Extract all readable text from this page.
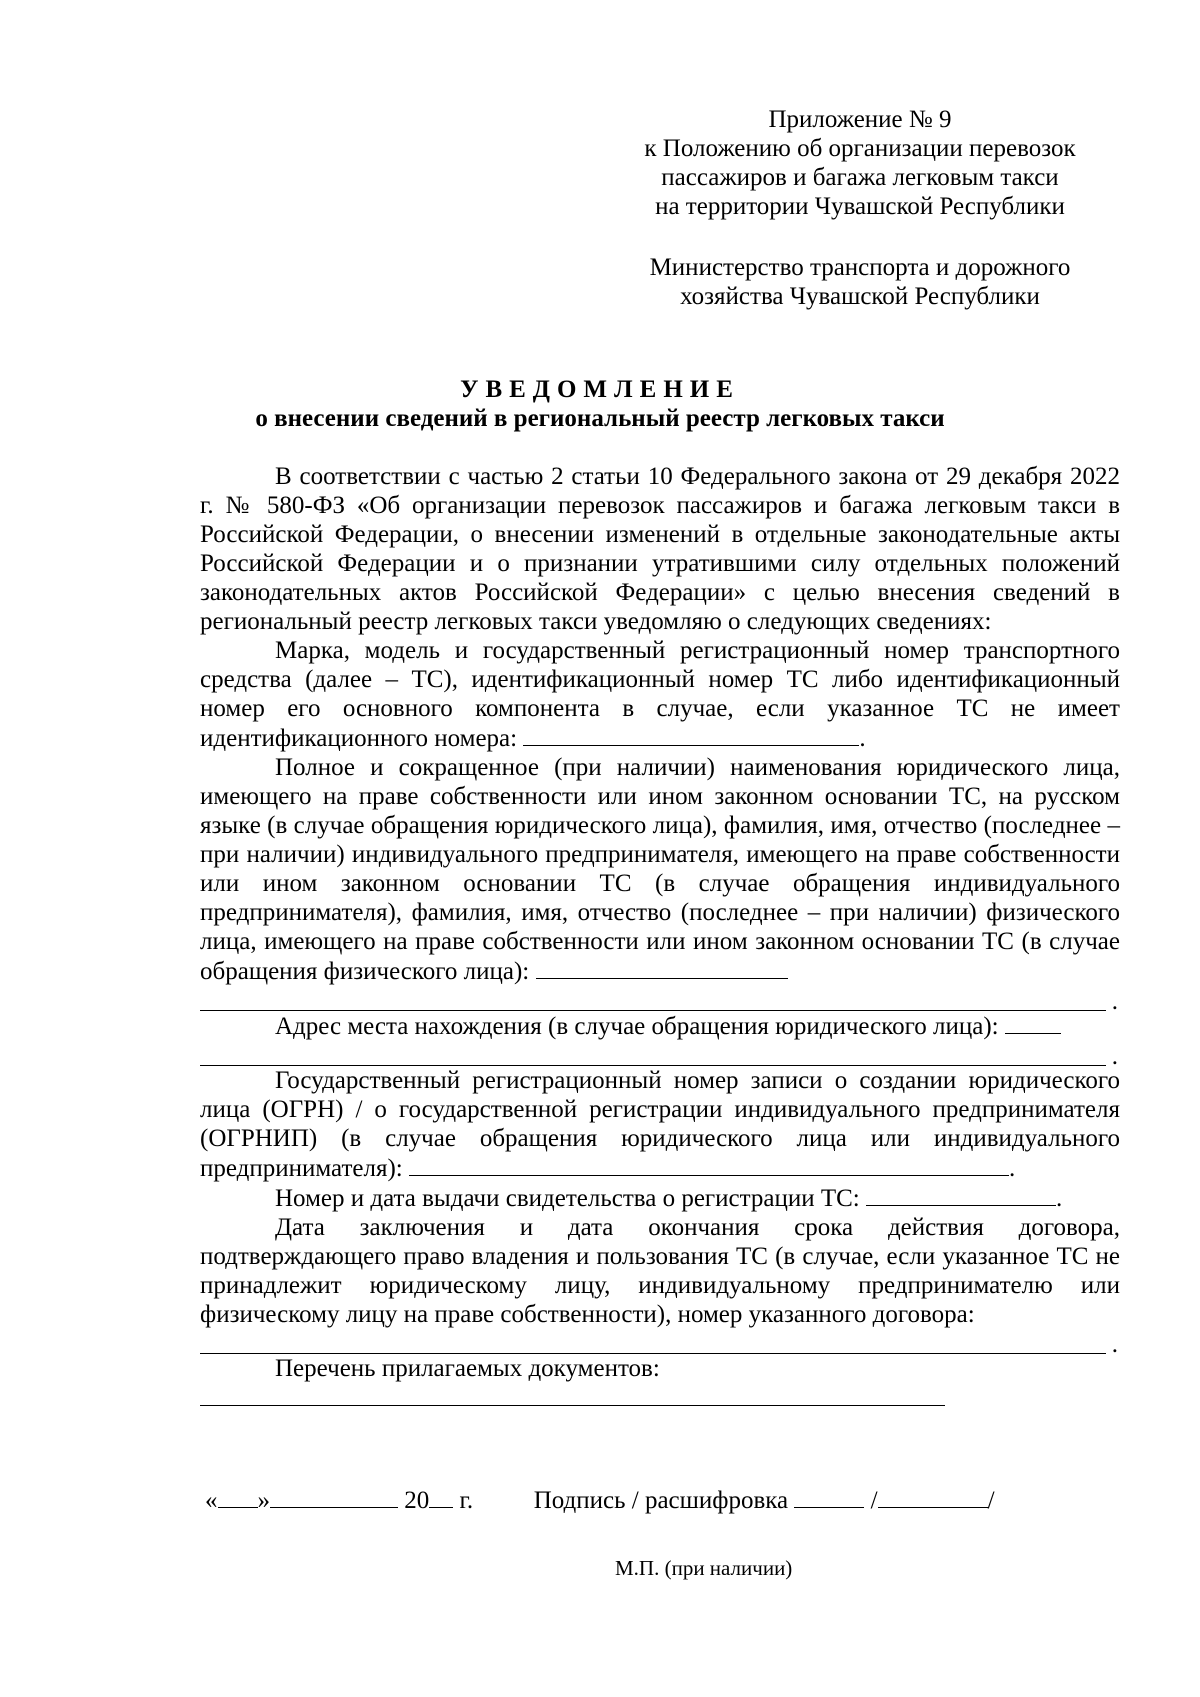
Приложение № 9
к Положению об организации перевозок
пассажиров и багажа легковым такси
на территории Чувашской Республики
Министерство транспорта и дорожного
хозяйства Чувашской Республики
УВЕДОМЛЕНИЕ
о внесении сведений в региональный реестр легковых такси

В соответствии с частью 2 статьи 10 Федерального закона от 29 декабря 2022 г. № 580-ФЗ «Об организации перевозок пассажиров и багажа легковым такси в Российской Федерации, о внесении изменений в отдельные законодательные акты Российской Федерации и о признании утратившими силу отдельных положений законодательных актов Российской Федерации» с целью внесения сведений в региональный реестр легковых такси уведомляю о следующих сведениях:

Марка, модель и государственный регистрационный номер транспортного средства (далее – ТС), идентификационный номер ТС либо идентификационный номер его основного компонента в случае, если указанное ТС не имеет идентификационного номера:	.

Полное и сокращенное (при наличии) наименования юридического лица, имеющего на праве собственности или ином законном основании ТС, на русском языке (в случае обращения юридического лица), фамилия, имя, отчество (последнее – при наличии) индивидуального предпринимателя, имеющего на праве собственности или ином законном основании ТС (в случае обращения индивидуального предпринимателя), фамилия, имя, отчество (последнее – при наличии) физического лица, имеющего на праве собственности или ином законном основании ТС (в случае обращения физического лица):

.

Адрес места нахождения (в случае обращения юридического лица):

.

Государственный регистрационный номер записи о создании юридического лица (ОГРН) / о государственной регистрации индивидуального предпринимателя (ОГРНИП) (в случае обращения юридического лица или индивидуального предпринимателя):	.

Номер и дата выдачи свидетельства о регистрации ТС:	.

Дата заключения и дата окончания срока действия договора, подтверждающего право владения и пользования ТС (в случае, если указанное ТС не принадлежит юридическому лицу, индивидуальному предпринимателю или физическому лицу на праве собственности), номер указанного договора:

.

Перечень прилагаемых документов:

« »	20 г. Подпись / расшифровка	/	/
М.П. (при наличии)
